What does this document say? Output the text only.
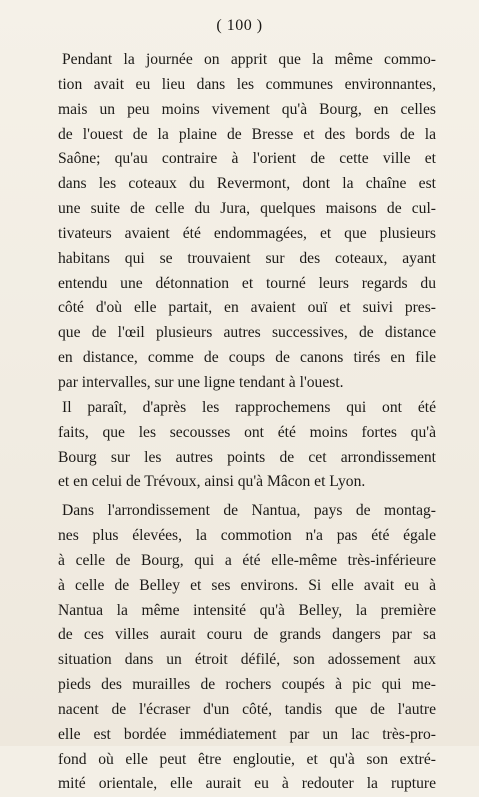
( 100 )

Pendant la journée on apprit que la même commo-
tion avait eu lieu dans les communes environnantes,
mais un peu moins vivement qu'à Bourg, en celles
de l'ouest de la plaine de Bresse et des bords de la
Saône; qu'au contraire à l'orient de cette ville et
dans les coteaux du Revermont, dont la chaîne est
une suite de celle du Jura, quelques maisons de cul-
tivateurs avaient été endommagées, et que plusieurs
habitans qui se trouvaient sur des coteaux, ayant
entendu une détonnation et tourné leurs regards du
côté d'où elle partait, en avaient ouï et suivi pres-
que de l'œil plusieurs autres successives, de distance
en distance, comme de coups de canons tirés en file
par intervalles, sur une ligne tendant à l'ouest.

Il paraît, d'après les rapprochemens qui ont été
faits, que les secousses ont été moins fortes qu'à
Bourg sur les autres points de cet arrondissement
et en celui de Trévoux, ainsi qu'à Mâcon et Lyon.

Dans l'arrondissement de Nantua, pays de montag-
nes plus élevées, la commotion n'a pas été égale
à celle de Bourg, qui a été elle-même très-inférieure
à celle de Belley et ses environs. Si elle avait eu à
Nantua la même intensité qu'à Belley, la première
de ces villes aurait couru de grands dangers par sa
situation dans un étroit défilé, son adossement aux
pieds des murailles de rochers coupés à pic qui me-
nacent de l'écraser d'un côté, tandis que de l'autre
elle est bordée immédiatement par un lac très-pro-
fond où elle peut être engloutie, et qu'à son extré-
mité orientale, elle aurait eu à redouter la rupture
